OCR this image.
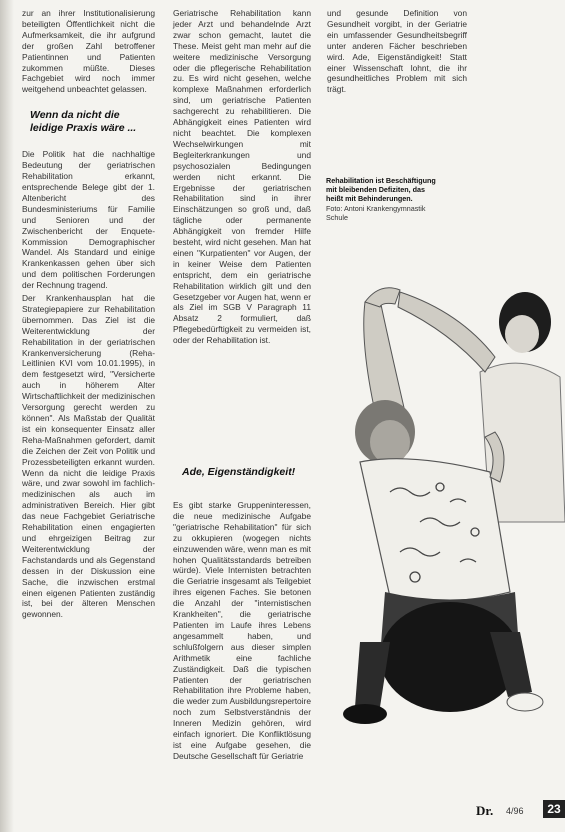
zur an ihrer Institutionalisierung beteiligten Öffentlichkeit nicht die Aufmerksamkeit, die ihr aufgrund der großen Zahl betroffener Patientinnen und Patienten zukommen müßte. Dieses Fachgebiet wird noch immer weitgehend unbeachtet gelassen.

Wenn da nicht die leidige Praxis wäre ...

Die Politik hat die nachhaltige Bedeutung der geriatrischen Rehabilitation erkannt, entsprechende Belege gibt der 1. Altenbericht des Bundesministeriums für Familie und Senioren und der Zwischenbericht der Enquete-Kommission Demographischer Wandel. Als Standard und einige Krankenkassen gehen über sich und dem politischen Forderungen der Rechnung tragend.

Der Krankenhausplan hat die Strategiepapiere zur Rehabilitation übernommen. Das Ziel ist die Weiterentwicklung der Rehabilitation in der geriatrischen Krankenversicherung (Reha-Leitlinien KVI vom 10.01.1995), in dem festgesetzt wird, "Versicherte auch in höherem Alter Wirtschaftlichkeit der medizinischen Versorgung gerecht werden zu können". Als Maßstab der Qualität ist ein konsequenter Einsatz aller Reha-Maßnahmen gefordert, damit die Zeichen der Zeit von Politik und Prozessbeteiligten erkannt wurden. Wenn da nicht die leidige Praxis wäre, und zwar sowohl im fachlich-medizinischen als auch im administrativen Bereich. Hier gibt das neue Fachgebiet Geriatrische Rehabilitation einen engagierten und ehrgeizigen Beitrag zur Weiterentwicklung der Fachstandards und als Gegenstand dessen in der Diskussion eine Sache, die inzwischen erstmal einen eigenen Patienten zuständig ist, bei der älteren Menschen gewonnen.

Geriatrische Rehabilitation kann jeder Arzt und behandelnde Arzt zwar schon gemacht, lautet die These. Meist geht man mehr auf die weitere medizinische Versorgung oder die pflegerische Rehabilitation zu. Es wird nicht gesehen, welche komplexe Maßnahmen erforderlich sind, um geriatrische Patienten sachgerecht zu rehabilitieren. Die Abhängigkeit eines Patienten wird nicht beachtet. Die komplexen Wechselwirkungen mit Begleiterkrankungen und psychosozialen Bedingungen werden nicht erkannt. Die Ergebnisse der geriatrischen Rehabilitation sind in ihrer Einschätzungen so groß und, daß tägliche oder permanente Abhängigkeit von fremder Hilfe besteht, wird nicht gesehen. Man hat einen "Kurpatienten" vor Augen, der in keiner Weise dem Patienten entspricht, dem ein geriatrische Rehabilitation wirklich gilt und den Gesetzgeber vor Augen hat, wenn er als Ziel im SGB V Paragraph 11 Absatz 2 formuliert, daß Pflegebedürftigkeit zu vermeiden ist, oder der Rehabilitation ist.

Ade, Eigenständigkeit!

Es gibt starke Gruppeninteressen, die neue medizinische Aufgabe "geriatrische Rehabilitation" für sich zu okkupieren (wogegen nichts einzuwenden wäre, wenn man es mit hohen Qualitätsstandards betreiben würde). Viele Internisten betrachten die Geriatrie insgesamt als Teilgebiet ihres eigenen Faches. Sie betonen die Anzahl der "internistischen Krankheiten", die geriatrische Patienten im Laufe ihres Lebens angesammelt haben, und schlußfolgern aus dieser simplen Arithmetik eine fachliche Zuständigkeit. Daß die typischen Patienten der geriatrischen Rehabilitation ihre Probleme haben, die weder zum Ausbildungsrepertoire noch zum Selbstverständnis der Inneren Medizin gehören, wird einfach ignoriert. Die Konfliktlösung ist eine Aufgabe gesehen, die Deutsche Gesellschaft für Geriatrie

und gesunde Definition von Gesundheit vorgibt, in der Geriatrie ein umfassender Gesundheitsbegriff unter anderen Fächer beschrieben wird. Ade, Eigenständigkeit! Statt einer Wissenschaft lohnt, die ihr gesundheitliches Problem mit sich trägt.

Rehabilitation ist Beschäftigung mit bleibenden Defiziten, das heißt mit Behinderungen.
Foto: Antoni Krankengymnastik Schule
Dr. 4/96	23
